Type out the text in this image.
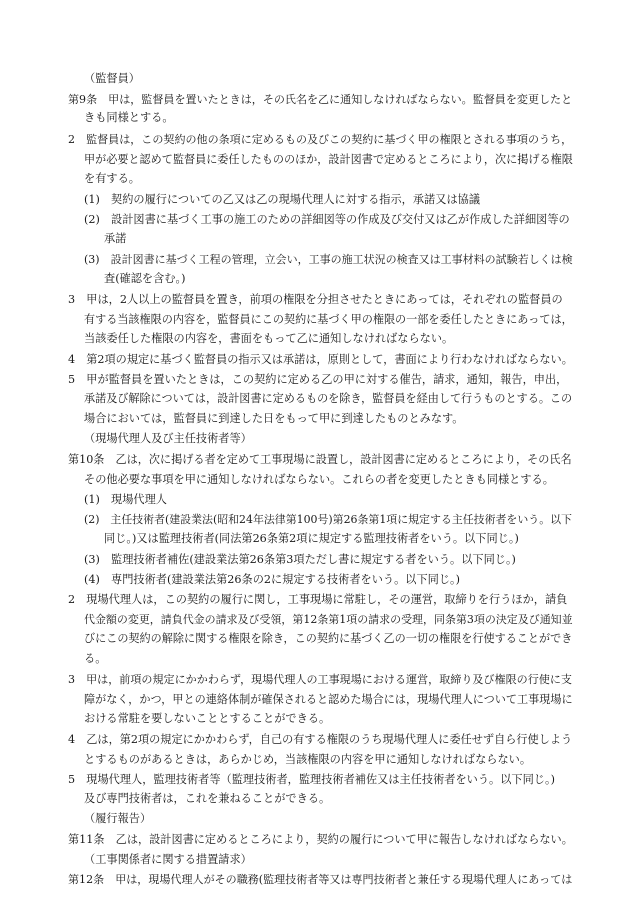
（監督員）
第9条　甲は，監督員を置いたときは，その氏名を乙に通知しなければならない。監督員を変更したと
きも同様とする。
2　監督員は，この契約の他の条項に定めるもの及びこの契約に基づく甲の権限とされる事項のうち，
甲が必要と認めて監督員に委任したもののほか，設計図書で定めるところにより，次に掲げる権限
を有する。
(1)　契約の履行についての乙又は乙の現場代理人に対する指示，承諾又は協議
(2)　設計図書に基づく工事の施工のための詳細図等の作成及び交付又は乙が作成した詳細図等の
承諾
(3)　設計図書に基づく工程の管理，立会い，工事の施工状況の検査又は工事材料の試験若しくは検
査(確認を含む。)
3　甲は，2人以上の監督員を置き，前項の権限を分担させたときにあっては，それぞれの監督員の
有する当該権限の内容を，監督員にこの契約に基づく甲の権限の一部を委任したときにあっては，
当該委任した権限の内容を，書面をもって乙に通知しなければならない。
4　第2項の規定に基づく監督員の指示又は承諾は，原則として，書面により行わなければならない。
5　甲が監督員を置いたときは，この契約に定める乙の甲に対する催告，請求，通知，報告，申出，
承諾及び解除については，設計図書に定めるものを除き，監督員を経由して行うものとする。この
場合においては，監督員に到達した日をもって甲に到達したものとみなす。
（現場代理人及び主任技術者等）
第10条　乙は，次に掲げる者を定めて工事現場に設置し，設計図書に定めるところにより，その氏名
その他必要な事項を甲に通知しなければならない。これらの者を変更したときも同様とする。
(1)　現場代理人
(2)　主任技術者(建設業法(昭和24年法律第100号)第26条第1項に規定する主任技術者をいう。以下
同じ。)又は監理技術者(同法第26条第2項に規定する監理技術者をいう。以下同じ。)
(3)　監理技術者補佐(建設業法第26条第3項ただし書に規定する者をいう。以下同じ。)
(4)　専門技術者(建設業法第26条の2に規定する技術者をいう。以下同じ。)
2　現場代理人は，この契約の履行に関し，工事現場に常駐し，その運営，取締りを行うほか，請負
代金額の変更，請負代金の請求及び受領，第12条第1項の請求の受理，同条第3項の決定及び通知並
びにこの契約の解除に関する権限を除き，この契約に基づく乙の一切の権限を行使することができ
る。
3　甲は，前項の規定にかかわらず，現場代理人の工事現場における運営，取締り及び権限の行使に支
障がなく，かつ，甲との連絡体制が確保されると認めた場合には，現場代理人について工事現場に
おける常駐を要しないこととすることができる。
4　乙は，第2項の規定にかかわらず，自己の有する権限のうち現場代理人に委任せず自ら行使しよう
とするものがあるときは，あらかじめ，当該権限の内容を甲に通知しなければならない。
5　現場代理人，監理技術者等（監理技術者，監理技術者補佐又は主任技術者をいう。以下同じ。)
及び専門技術者は，これを兼ねることができる。
（履行報告）
第11条　乙は，設計図書に定めるところにより，契約の履行について甲に報告しなければならない。
（工事関係者に関する措置請求）
第12条　甲は，現場代理人がその職務(監理技術者等又は専門技術者と兼任する現場代理人にあっては
